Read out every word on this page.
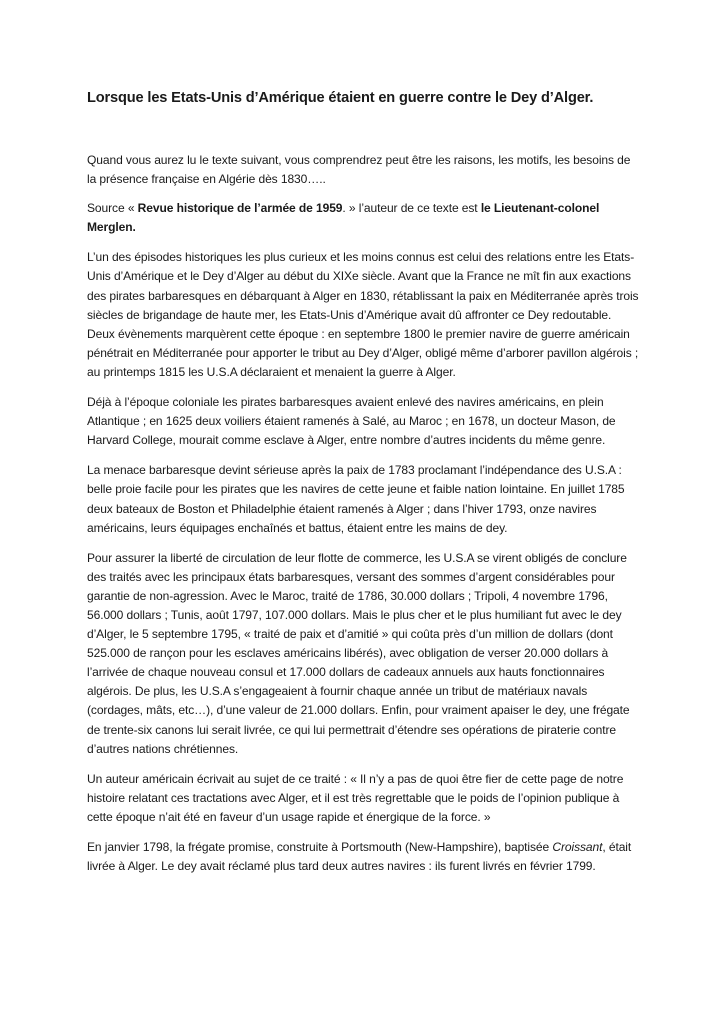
Lorsque les Etats-Unis d’Amérique étaient en guerre contre le Dey d’Alger.

Quand vous aurez lu le texte suivant, vous comprendrez peut être les raisons, les motifs, les besoins de la présence française en Algérie dès 1830…..

Source « Revue historique de l’armée de 1959. » l’auteur de ce texte est le Lieutenant-colonel Merglen.

L’un des épisodes historiques les plus curieux et les moins connus est celui des relations entre les Etats-Unis d’Amérique et le Dey d’Alger au début du XIXe siècle. Avant que la France ne mît fin aux exactions des pirates barbaresques en débarquant à Alger en 1830, rétablissant la paix en Méditerranée après trois siècles de brigandage de haute mer, les Etats-Unis d’Amérique avait dû affronter ce Dey redoutable. Deux évènements marquèrent cette époque : en septembre 1800 le premier navire de guerre américain pénétrait en Méditerranée pour apporter le tribut au Dey d’Alger, obligé même d’arborer pavillon algérois ; au printemps 1815 les U.S.A déclaraient et menaient la guerre à Alger.

Déjà à l’époque coloniale les pirates barbaresques avaient enlevé des navires américains, en plein Atlantique ; en 1625 deux voiliers étaient ramenés à Salé, au Maroc ; en 1678, un docteur Mason, de Harvard College, mourait comme esclave à Alger, entre nombre d’autres incidents du même genre.

La menace barbaresque devint sérieuse après la paix de 1783 proclamant l’indépendance des U.S.A : belle proie facile pour les pirates que les navires de cette jeune et faible nation lointaine. En juillet 1785 deux bateaux de Boston et Philadelphie étaient ramenés à Alger ; dans l’hiver 1793, onze navires américains, leurs équipages enchaînés et battus, étaient entre les mains de dey.

Pour assurer la liberté de circulation de leur flotte de commerce, les U.S.A se virent obligés de conclure des traités avec les principaux états barbaresques, versant des sommes d’argent considérables pour garantie de non-agression. Avec le Maroc, traité de 1786, 30.000 dollars ; Tripoli, 4 novembre 1796, 56.000 dollars ; Tunis, août 1797, 107.000 dollars. Mais le plus cher et le plus humiliant fut avec le dey d’Alger, le 5 septembre 1795, « traité de paix et d’amitié » qui coûta près d’un million de dollars (dont 525.000 de rançon pour les esclaves américains libérés), avec obligation de verser 20.000 dollars à l’arrivée de chaque nouveau consul et 17.000 dollars de cadeaux annuels aux hauts fonctionnaires algérois. De plus, les U.S.A s’engageaient à fournir chaque année un tribut de matériaux navals (cordages, mâts, etc…), d’une valeur de 21.000 dollars. Enfin, pour vraiment apaiser le dey, une frégate de trente-six canons lui serait livrée, ce qui lui permettrait d’étendre ses opérations de piraterie contre d’autres nations chrétiennes.

Un auteur américain écrivait au sujet de ce traité : « Il n’y a pas de quoi être fier de cette page de notre histoire relatant ces tractations avec Alger, et il est très regrettable que le poids de l’opinion publique à cette époque n’ait été en faveur d’un usage rapide et énergique de la force. »

En janvier 1798, la frégate promise, construite à Portsmouth (New-Hampshire), baptisée Croissant, était livrée à Alger. Le dey avait réclamé plus tard deux autres navires : ils furent livrés en février 1799.
